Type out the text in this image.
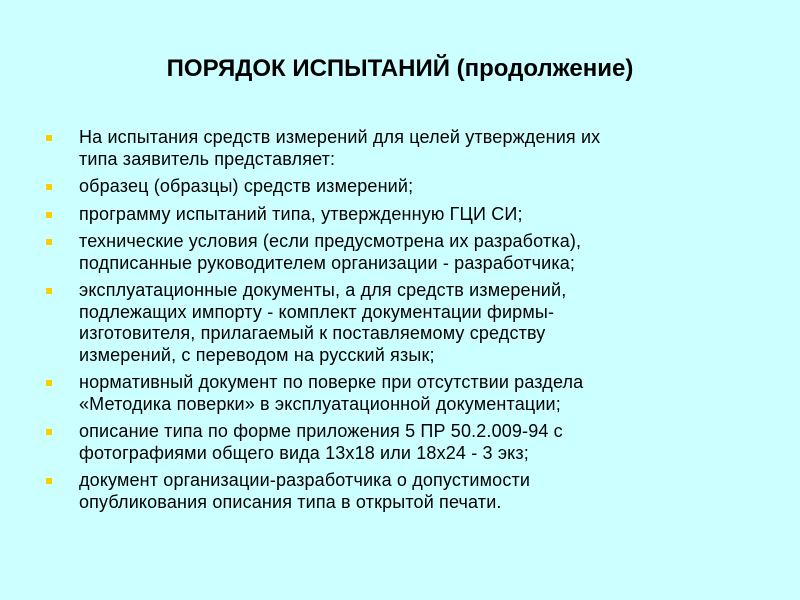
ПОРЯДОК ИСПЫТАНИЙ (продолжение)
На испытания средств измерений для целей утверждения их
типа заявитель представляет:
образец (образцы) средств измерений;
программу испытаний типа, утвержденную ГЦИ СИ;
технические условия (если предусмотрена их разработка),
подписанные руководителем организации - разработчика;
эксплуатационные документы, а для средств измерений,
подлежащих импорту - комплект документации фирмы-
изготовителя, прилагаемый к поставляемому средству
измерений, с переводом на русский язык;
нормативный документ по поверке при отсутствии раздела
«Методика поверки» в эксплуатационной документации;
описание типа по форме приложения 5 ПР 50.2.009-94 с
фотографиями общего вида 13х18 или 18х24 - 3 экз;
документ организации-разработчика о допустимости
опубликования описания типа в открытой печати.
